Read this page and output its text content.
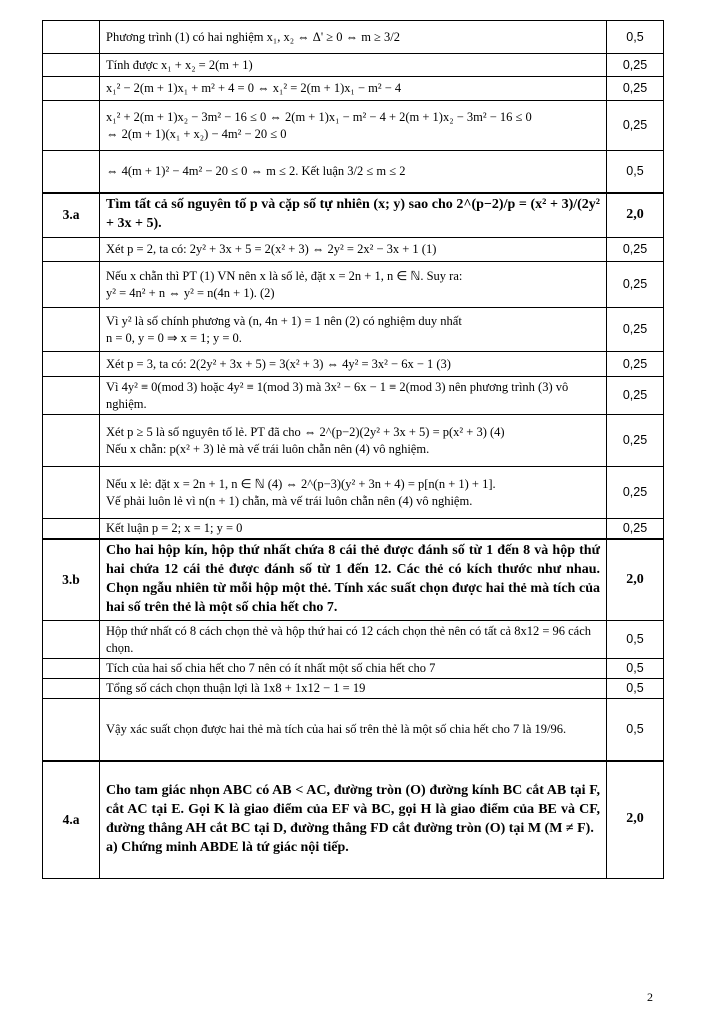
	Phương trình (1) có hai nghiệm x₁, x₂ ⇔ Δ' ≥ 0 ⇔ m ≥ 3/2	0,5

	Tính được x₁ + x₂ = 2(m + 1)	0,25

	x₁² − 2(m + 1)x₁ + m² + 4 = 0 ⇔ x₁² = 2(m + 1)x₁ − m² − 4	0,25

	x₁² + 2(m + 1)x₂ − 3m² − 16 ≤ 0 ⇔ 2(m + 1)x₁ − m² − 4 + 2(m + 1)x₂ − 3m² − 16 ≤ 0
⇔ 2(m + 1)(x₁ + x₂) − 4m² − 20 ≤ 0	0,25

	⇔ 4(m + 1)² − 4m² − 20 ≤ 0 ⇔ m ≤ 2. Kết luận 3/2 ≤ m ≤ 2	0,5
3.a	Tìm tất cả số nguyên tố p và cặp số tự nhiên (x; y) sao cho 2^(p−2)/p = (x² + 3)/(2y² + 3x + 5).	2,0

	Xét p = 2, ta có: 2y² + 3x + 5 = 2(x² + 3) ⇔ 2y² = 2x² − 3x + 1 (1)	0,25

	Nếu x chẵn thì PT (1) VN nên x là số lẻ, đặt x = 2n + 1, n ∈ ℕ. Suy ra:
y² = 4n² + n ⇔ y² = n(4n + 1). (2)	0,25

	Vì y² là số chính phương và (n, 4n + 1) = 1 nên (2) có nghiệm duy nhất
n = 0, y = 0 ⇒ x = 1; y = 0.	0,25

	Xét p = 3, ta có: 2(2y² + 3x + 5) = 3(x² + 3) ⇔ 4y² = 3x² − 6x − 1 (3)	0,25

	Vì 4y² ≡ 0(mod 3) hoặc 4y² ≡ 1(mod 3) mà 3x² − 6x − 1 ≡ 2(mod 3) nên phương trình (3) vô nghiệm.	0,25

	Xét p ≥ 5 là số nguyên tố lẻ. PT đã cho ⇔ 2^(p−2)(2y² + 3x + 5) = p(x² + 3) (4)
Nếu x chẵn: p(x² + 3) lẻ mà vế trái luôn chẵn nên (4) vô nghiệm.	0,25

	Nếu x lẻ: đặt x = 2n + 1, n ∈ ℕ (4) ⇔ 2^(p−3)(y² + 3n + 4) = p[n(n + 1) + 1].
Vế phải luôn lẻ vì n(n + 1) chẵn, mà vế trái luôn chẵn nên (4) vô nghiệm.	0,25

	Kết luận p = 2; x = 1; y = 0	0,25
3.b	Cho hai hộp kín, hộp thứ nhất chứa 8 cái thẻ được đánh số từ 1 đến 8 và hộp thứ hai chứa 12 cái thẻ được đánh số từ 1 đến 12. Các thẻ có kích thước như nhau. Chọn ngẫu nhiên từ mỗi hộp một thẻ. Tính xác suất chọn được hai thẻ mà tích của hai số trên thẻ là một số chia hết cho 7.	2,0

	Hộp thứ nhất có 8 cách chọn thẻ và hộp thứ hai có 12 cách chọn thẻ nên có tất cả 8x12 = 96 cách chọn.	0,5

	Tích của hai số chia hết cho 7 nên có ít nhất một số chia hết cho 7	0,5

	Tổng số cách chọn thuận lợi là 1x8 + 1x12 − 1 = 19	0,5

	Vậy xác suất chọn được hai thẻ mà tích của hai số trên thẻ là một số chia hết cho 7 là 19/96.	0,5
4.a	Cho tam giác nhọn ABC có AB < AC, đường tròn (O) đường kính BC cắt AB tại F, cắt AC tại E. Gọi K là giao điểm của EF và BC, gọi H là giao điểm của BE và CF, đường thẳng AH cắt BC tại D, đường thẳng FD cắt đường tròn (O) tại M (M ≠ F).
a) Chứng minh ABDE là tứ giác nội tiếp.	2,0
2
